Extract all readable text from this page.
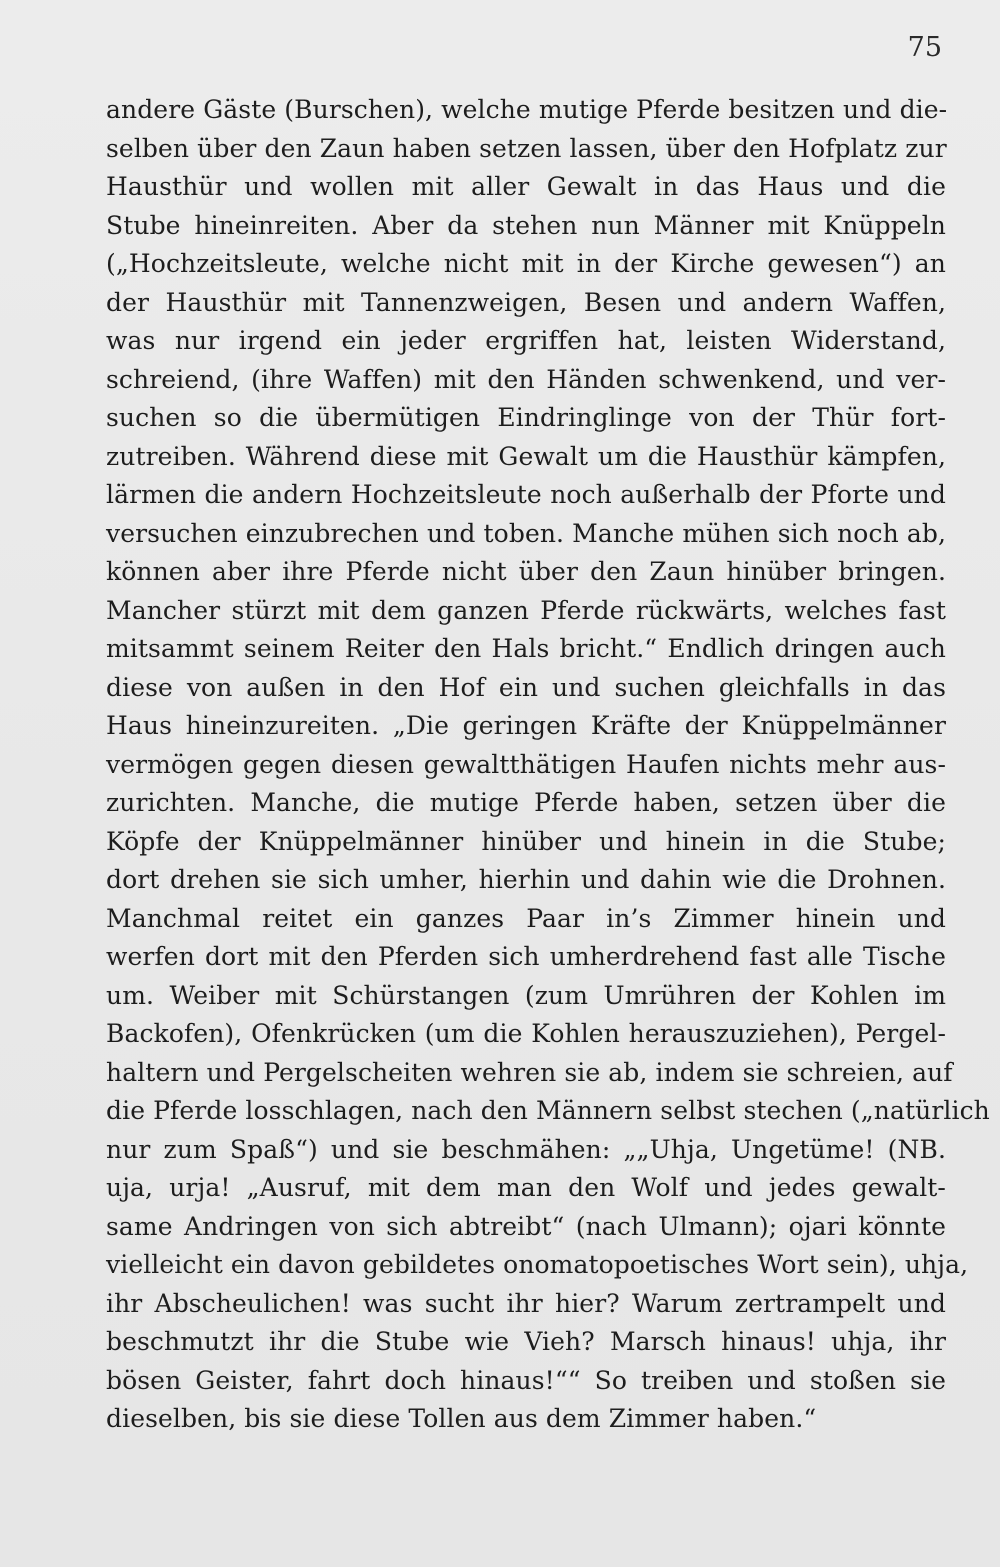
75
andere Gäste (Burschen), welche mutige Pferde besitzen und die-
selben über den Zaun haben setzen lassen, über den Hofplatz zur
Hausthür und wollen mit aller Gewalt in das Haus und die
Stube hineinreiten. Aber da stehen nun Männer mit Knüppeln
(„Hochzeitsleute, welche nicht mit in der Kirche gewesen“) an
der Hausthür mit Tannenzweigen, Besen und andern Waffen,
was nur irgend ein jeder ergriffen hat, leisten Widerstand,
schreiend, (ihre Waffen) mit den Händen schwenkend, und ver-
suchen so die übermütigen Eindringlinge von der Thür fort-
zutreiben. Während diese mit Gewalt um die Hausthür kämpfen,
lärmen die andern Hochzeitsleute noch außerhalb der Pforte und
versuchen einzubrechen und toben. Manche mühen sich noch ab,
können aber ihre Pferde nicht über den Zaun hinüber bringen.
Mancher stürzt mit dem ganzen Pferde rückwärts, welches fast
mitsammt seinem Reiter den Hals bricht.“ Endlich dringen auch
diese von außen in den Hof ein und suchen gleichfalls in das
Haus hineinzureiten. „Die geringen Kräfte der Knüppelmänner
vermögen gegen diesen gewaltthätigen Haufen nichts mehr aus-
zurichten. Manche, die mutige Pferde haben, setzen über die
Köpfe der Knüppelmänner hinüber und hinein in die Stube;
dort drehen sie sich umher, hierhin und dahin wie die Drohnen.
Manchmal reitet ein ganzes Paar in’s Zimmer hinein und
werfen dort mit den Pferden sich umherdrehend fast alle Tische
um. Weiber mit Schürstangen (zum Umrühren der Kohlen im
Backofen), Ofenkrücken (um die Kohlen herauszuziehen), Pergel-
haltern und Pergelscheiten wehren sie ab, indem sie schreien, auf
die Pferde losschlagen, nach den Männern selbst stechen („natürlich
nur zum Spaß“) und sie beschmähen: „„Uhja, Ungetüme! (NB.
uja, urja! „Ausruf, mit dem man den Wolf und jedes gewalt-
same Andringen von sich abtreibt“ (nach Ulmann); ojari könnte
vielleicht ein davon gebildetes onomatopoetisches Wort sein), uhja,
ihr Abscheulichen! was sucht ihr hier? Warum zertrampelt und
beschmutzt ihr die Stube wie Vieh? Marsch hinaus! uhja, ihr
bösen Geister, fahrt doch hinaus!““ So treiben und stoßen sie
dieselben, bis sie diese Tollen aus dem Zimmer haben.“
